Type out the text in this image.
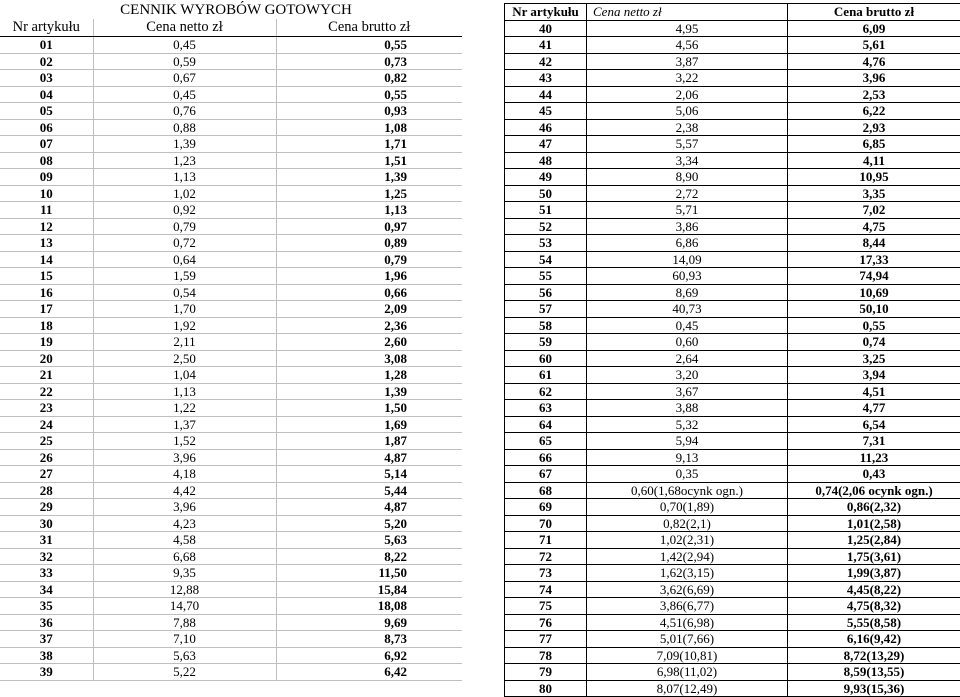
CENNIK WYROBÓW GOTOWYCH
Nr artykułu	Cena netto zł	Cena brutto zł
01	0,45	0,55
02	0,59	0,73
03	0,67	0,82
04	0,45	0,55
05	0,76	0,93
06	0,88	1,08
07	1,39	1,71
08	1,23	1,51
09	1,13	1,39
10	1,02	1,25
11	0,92	1,13
12	0,79	0,97
13	0,72	0,89
14	0,64	0,79
15	1,59	1,96
16	0,54	0,66
17	1,70	2,09
18	1,92	2,36
19	2,11	2,60
20	2,50	3,08
21	1,04	1,28
22	1,13	1,39
23	1,22	1,50
24	1,37	1,69
25	1,52	1,87
26	3,96	4,87
27	4,18	5,14
28	4,42	5,44
29	3,96	4,87
30	4,23	5,20
31	4,58	5,63
32	6,68	8,22
33	9,35	11,50
34	12,88	15,84
35	14,70	18,08
36	7,88	9,69
37	7,10	8,73
38	5,63	6,92
39	5,22	6,42
Nr artykułu	Cena netto zł	Cena brutto zł
40	4,95	6,09
41	4,56	5,61
42	3,87	4,76
43	3,22	3,96
44	2,06	2,53
45	5,06	6,22
46	2,38	2,93
47	5,57	6,85
48	3,34	4,11
49	8,90	10,95
50	2,72	3,35
51	5,71	7,02
52	3,86	4,75
53	6,86	8,44
54	14,09	17,33
55	60,93	74,94
56	8,69	10,69
57	40,73	50,10
58	0,45	0,55
59	0,60	0,74
60	2,64	3,25
61	3,20	3,94
62	3,67	4,51
63	3,88	4,77
64	5,32	6,54
65	5,94	7,31
66	9,13	11,23
67	0,35	0,43
68	0,60(1,68ocynk ogn.)	0,74(2,06 ocynk ogn.)
69	0,70(1,89)	0,86(2,32)
70	0,82(2,1)	1,01(2,58)
71	1,02(2,31)	1,25(2,84)
72	1,42(2,94)	1,75(3,61)
73	1,62(3,15)	1,99(3,87)
74	3,62(6,69)	4,45(8,22)
75	3,86(6,77)	4,75(8,32)
76	4,51(6,98)	5,55(8,58)
77	5,01(7,66)	6,16(9,42)
78	7,09(10,81)	8,72(13,29)
79	6,98(11,02)	8,59(13,55)
80	8,07(12,49)	9,93(15,36)
